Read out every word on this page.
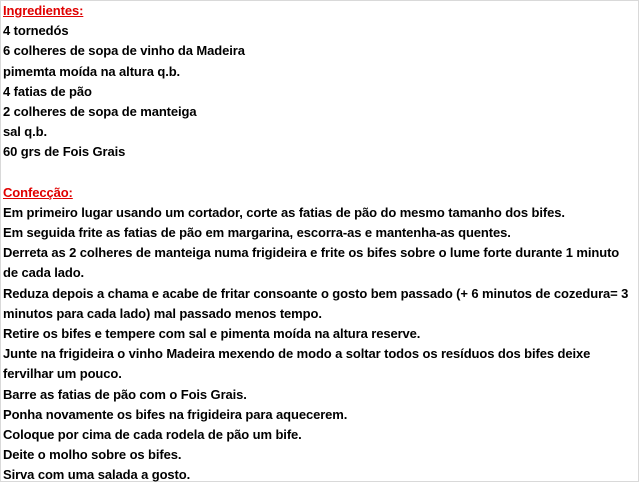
Ingredientes:
4 tornedós
6 colheres de sopa de vinho da Madeira
pimemta moída na altura q.b.
4 fatias de pão
2 colheres de sopa de manteiga
sal q.b.
60 grs de Fois Grais
Confecção:
Em primeiro lugar usando um cortador, corte as fatias de pão do mesmo tamanho dos bifes.
Em seguida frite as fatias de pão em margarina, escorra-as e mantenha-as quentes.
Derreta as 2 colheres de manteiga numa frigideira e frite os bifes sobre o lume forte durante 1 minuto
de cada lado.
Reduza depois a chama e acabe de fritar consoante o gosto bem passado (+ 6 minutos de cozedura= 3
minutos para cada lado) mal passado menos tempo.
Retire os bifes e tempere com sal e pimenta moída na altura reserve.
Junte na frigideira o vinho Madeira mexendo de modo a soltar todos os resíduos dos bifes deixe
fervilhar um pouco.
Barre as fatias de pão com o Fois Grais.
Ponha novamente os bifes na frigideira para aquecerem.
Coloque por cima de cada rodela de pão um bife.
Deite o molho sobre os bifes.
Sirva com uma salada a gosto.
